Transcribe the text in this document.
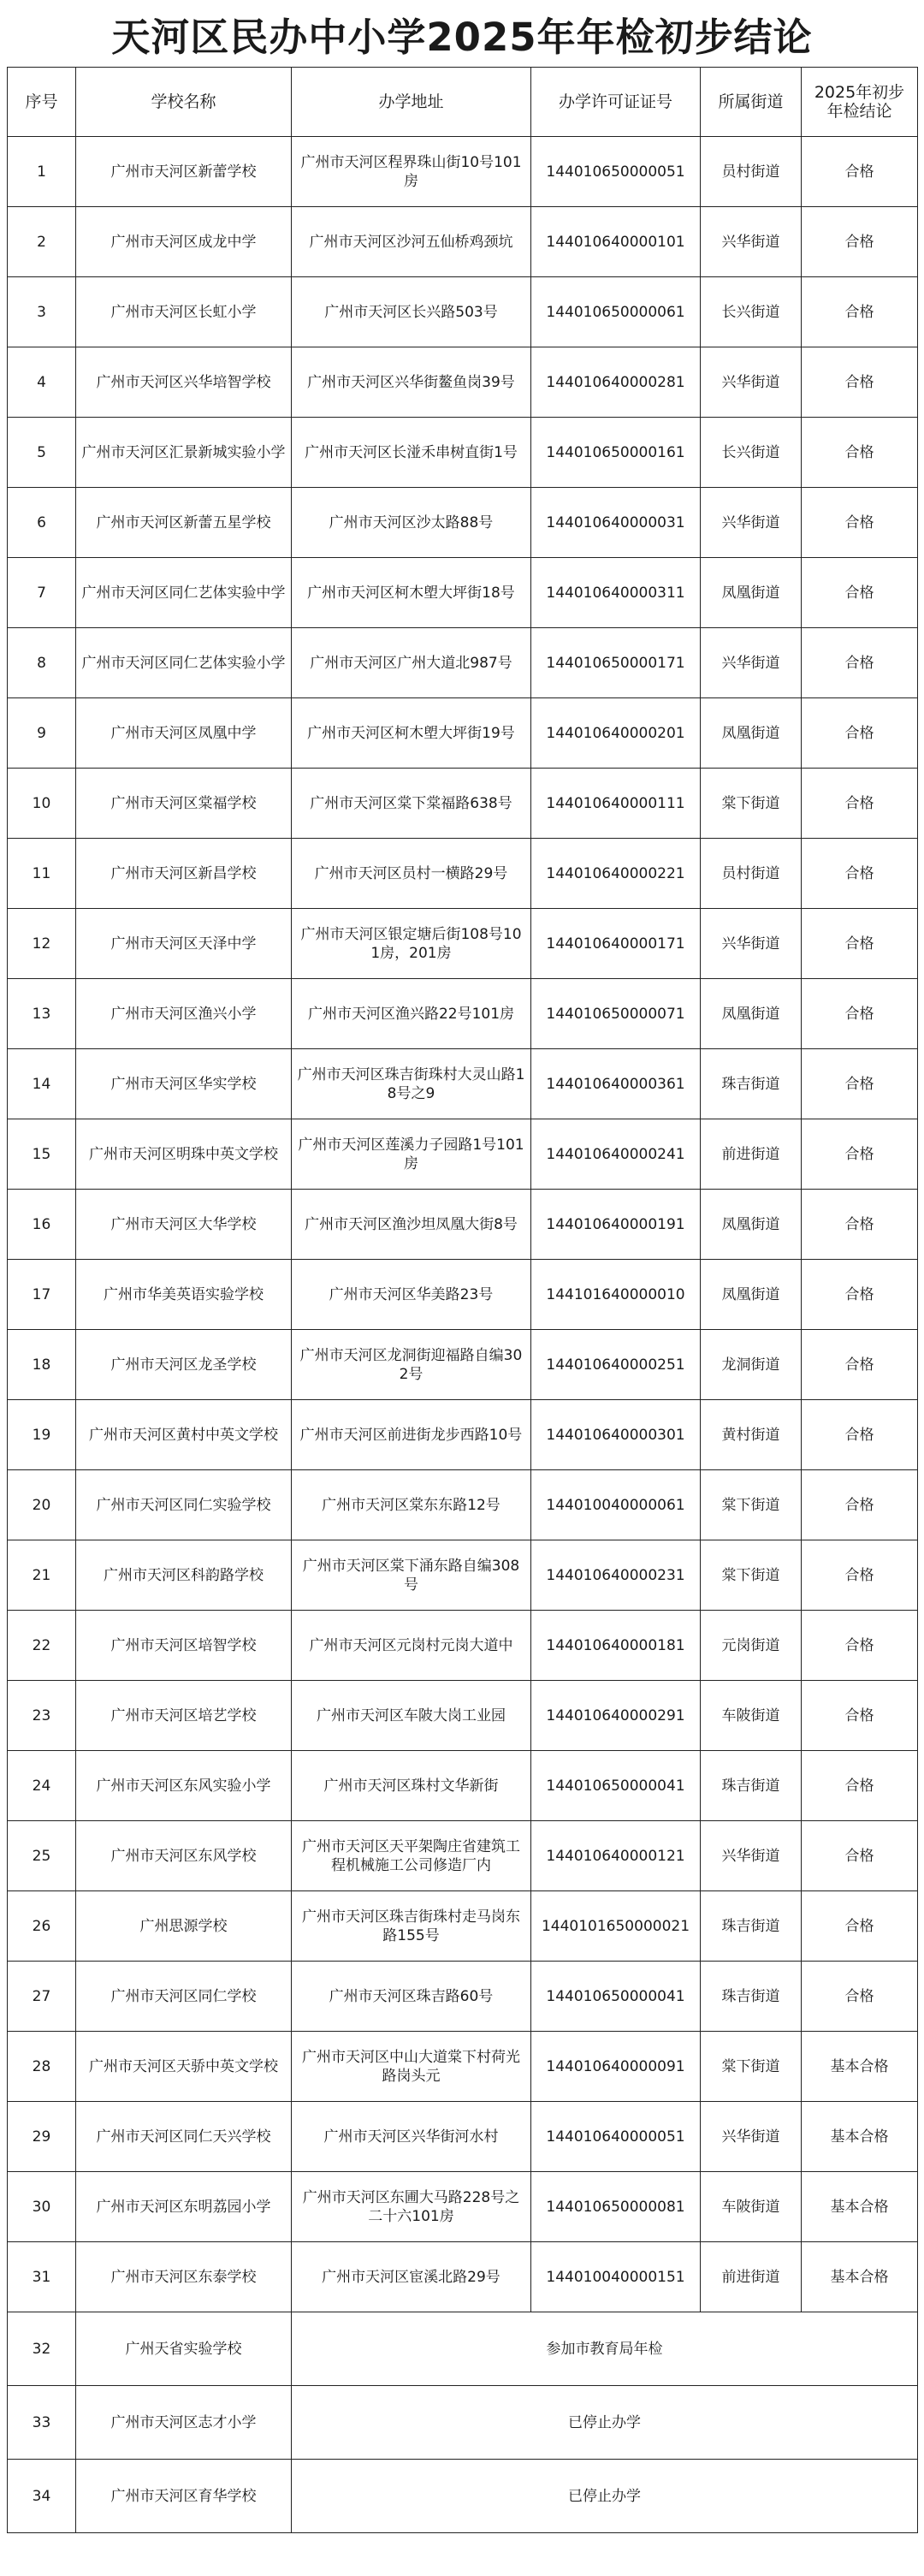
天河区民办中小学2025年年检初步结论
序号	学校名称	办学地址	办学许可证证号	所属街道	2025年初步年检结论
1	广州市天河区新蕾学校	广州市天河区程界珠山街10号101房	144010650000051	员村街道	合格
2	广州市天河区成龙中学	广州市天河区沙河五仙桥鸡颈坑	144010640000101	兴华街道	合格
3	广州市天河区长虹小学	广州市天河区长兴路503号	144010650000061	长兴街道	合格
4	广州市天河区兴华培智学校	广州市天河区兴华街鳌鱼岗39号	144010640000281	兴华街道	合格
5	广州市天河区汇景新城实验小学	广州市天河区长湴禾串树直街1号	144010650000161	长兴街道	合格
6	广州市天河区新蕾五星学校	广州市天河区沙太路88号	144010640000031	兴华街道	合格
7	广州市天河区同仁艺体实验中学	广州市天河区柯木塱大坪街18号	144010640000311	凤凰街道	合格
8	广州市天河区同仁艺体实验小学	广州市天河区广州大道北987号	144010650000171	兴华街道	合格
9	广州市天河区凤凰中学	广州市天河区柯木塱大坪街19号	144010640000201	凤凰街道	合格
10	广州市天河区棠福学校	广州市天河区棠下棠福路638号	144010640000111	棠下街道	合格
11	广州市天河区新昌学校	广州市天河区员村一横路29号	144010640000221	员村街道	合格
12	广州市天河区天泽中学	广州市天河区银定塘后街108号101房，201房	144010640000171	兴华街道	合格
13	广州市天河区渔兴小学	广州市天河区渔兴路22号101房	144010650000071	凤凰街道	合格
14	广州市天河区华实学校	广州市天河区珠吉街珠村大灵山路18号之9	144010640000361	珠吉街道	合格
15	广州市天河区明珠中英文学校	广州市天河区莲溪力子园路1号101房	144010640000241	前进街道	合格
16	广州市天河区大华学校	广州市天河区渔沙坦凤凰大街8号	144010640000191	凤凰街道	合格
17	广州市华美英语实验学校	广州市天河区华美路23号	144101640000010	凤凰街道	合格
18	广州市天河区龙圣学校	广州市天河区龙洞街迎福路自编302号	144010640000251	龙洞街道	合格
19	广州市天河区黄村中英文学校	广州市天河区前进街龙步西路10号	144010640000301	黄村街道	合格
20	广州市天河区同仁实验学校	广州市天河区棠东东路12号	144010040000061	棠下街道	合格
21	广州市天河区科韵路学校	广州市天河区棠下涌东路自编308号	144010640000231	棠下街道	合格
22	广州市天河区培智学校	广州市天河区元岗村元岗大道中	144010640000181	元岗街道	合格
23	广州市天河区培艺学校	广州市天河区车陂大岗工业园	144010640000291	车陂街道	合格
24	广州市天河区东风实验小学	广州市天河区珠村文华新街	144010650000041	珠吉街道	合格
25	广州市天河区东风学校	广州市天河区天平架陶庄省建筑工程机械施工公司修造厂内	144010640000121	兴华街道	合格
26	广州思源学校	广州市天河区珠吉街珠村走马岗东路155号	1440101650000021	珠吉街道	合格
27	广州市天河区同仁学校	广州市天河区珠吉路60号	144010650000041	珠吉街道	合格
28	广州市天河区天骄中英文学校	广州市天河区中山大道棠下村荷光路岗头元	144010640000091	棠下街道	基本合格
29	广州市天河区同仁天兴学校	广州市天河区兴华街河水村	144010640000051	兴华街道	基本合格
30	广州市天河区东明荔园小学	广州市天河区东圃大马路228号之二十六101房	144010650000081	车陂街道	基本合格
31	广州市天河区东泰学校	广州市天河区宦溪北路29号	144010040000151	前进街道	基本合格
32	广州天省实验学校	参加市教育局年检			
33	广州市天河区志才小学	已停止办学			
34	广州市天河区育华学校	已停止办学			
